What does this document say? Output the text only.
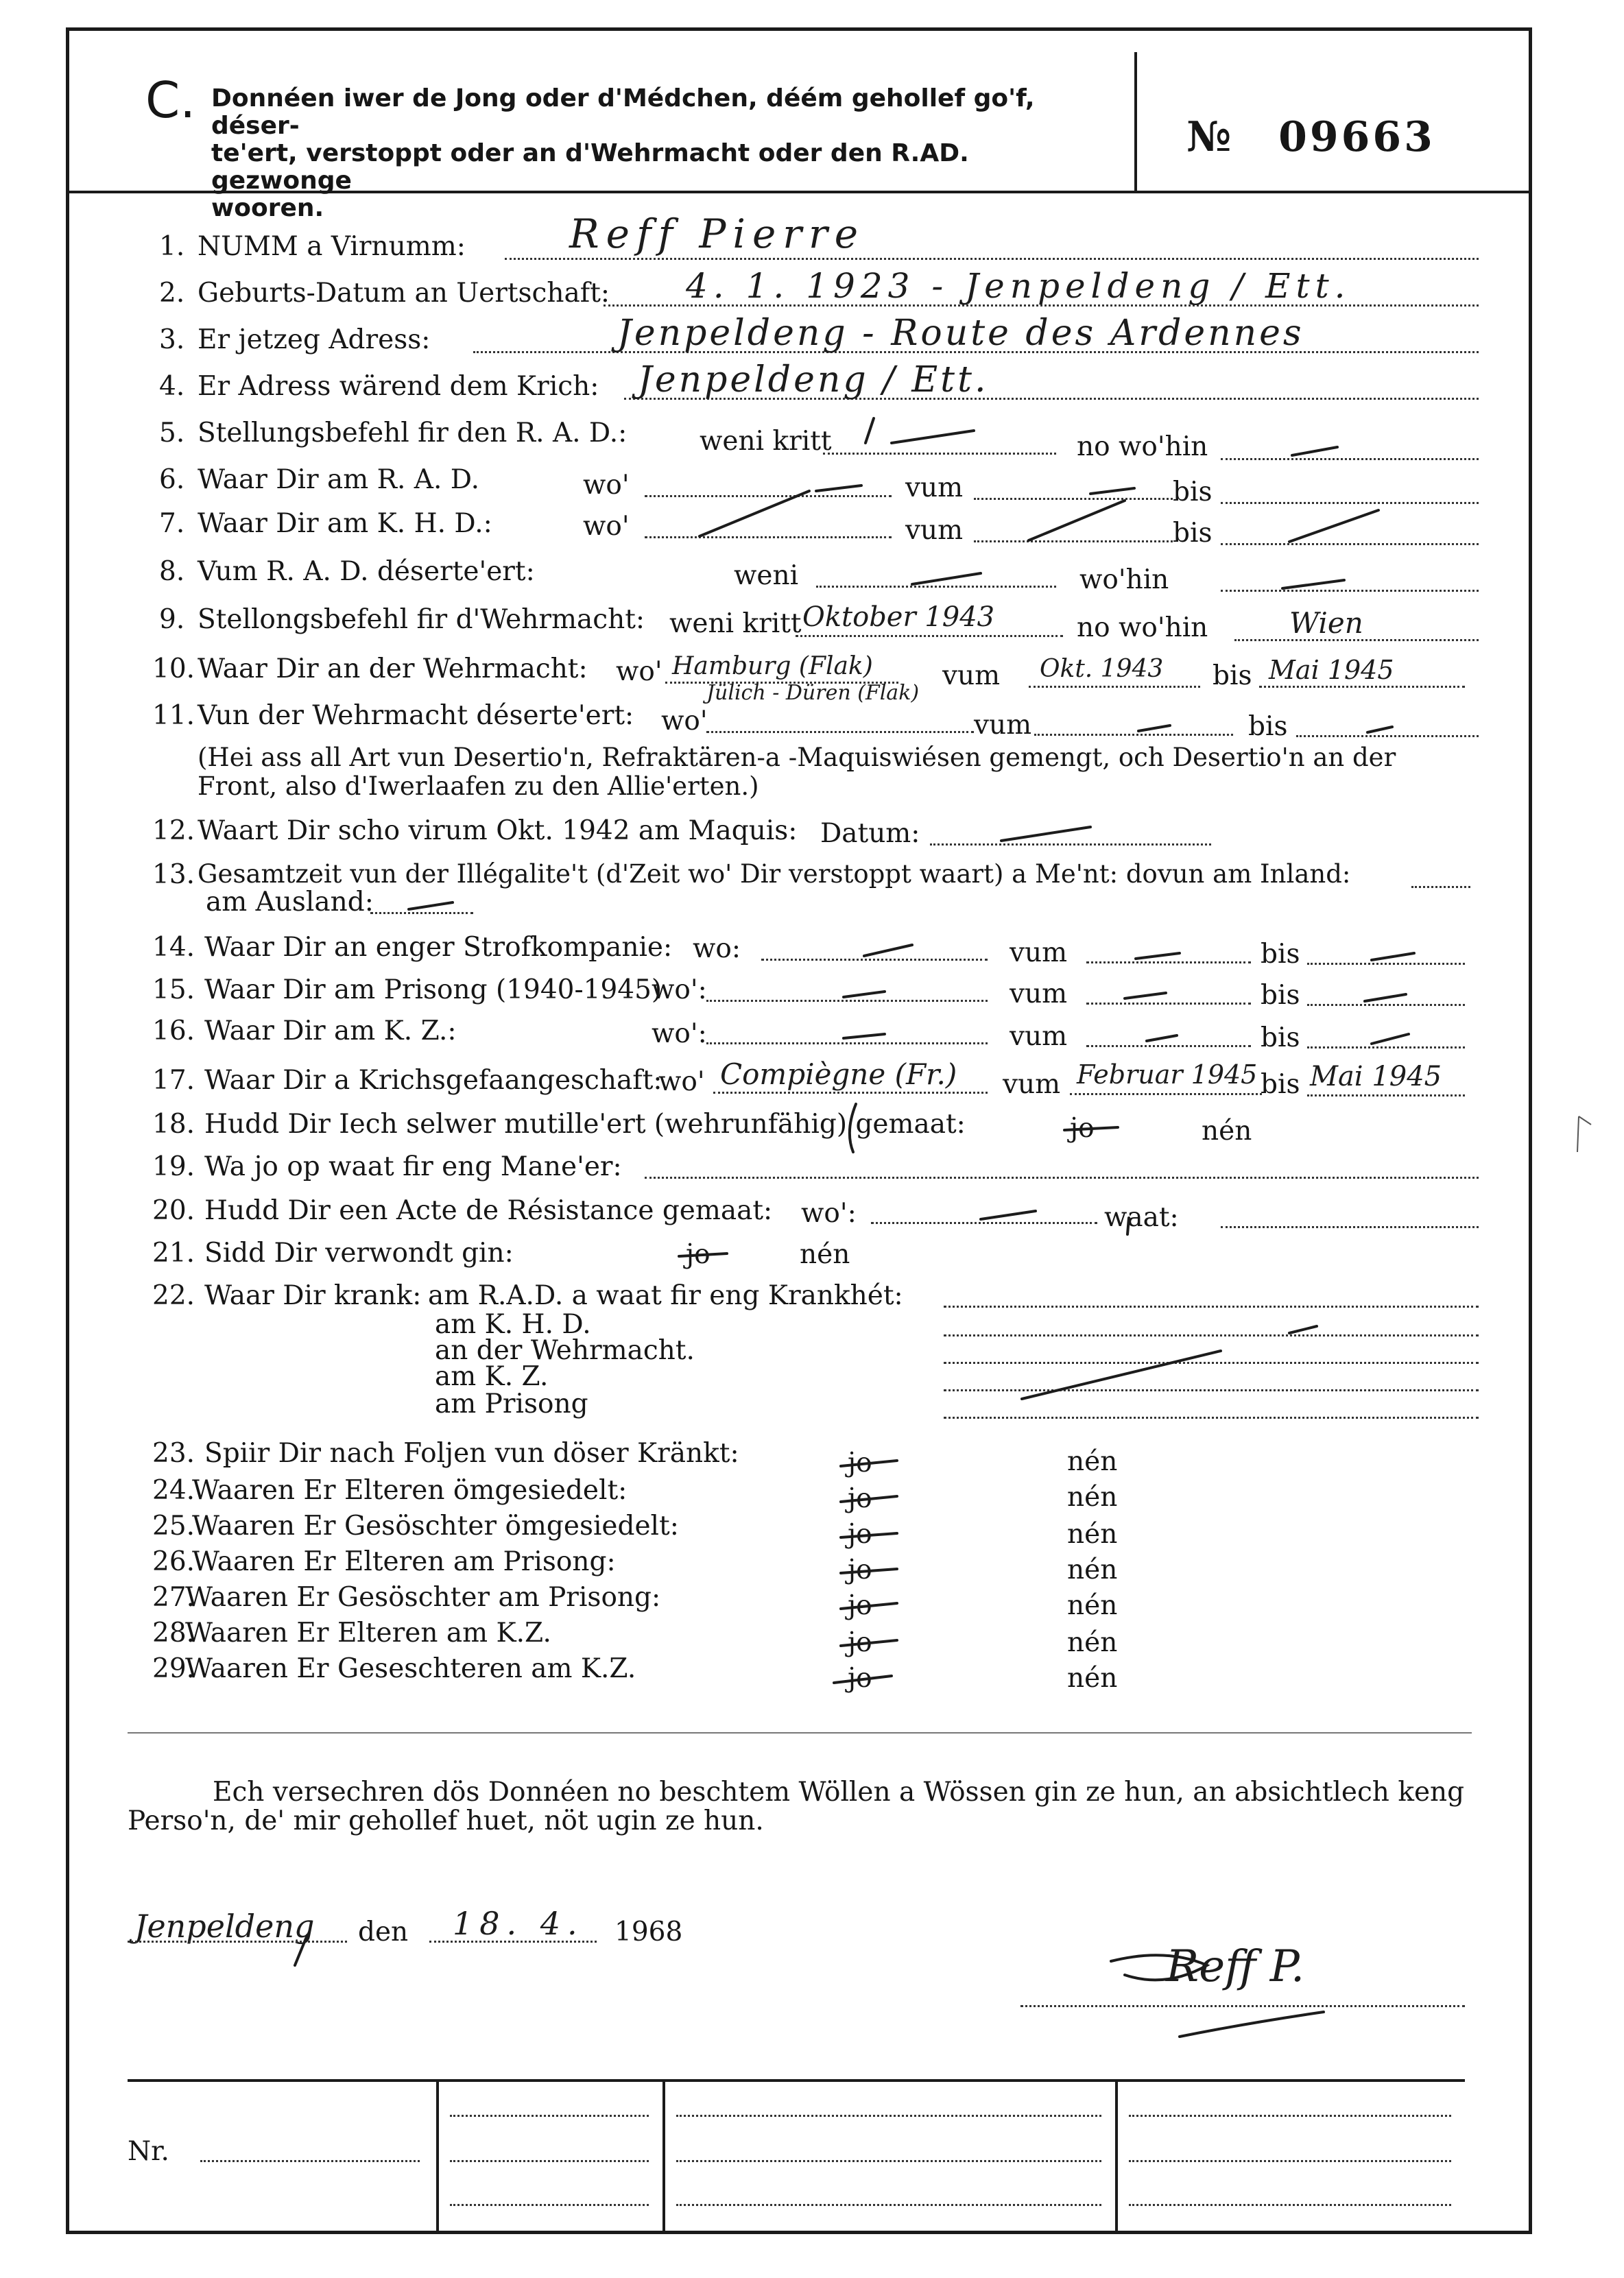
C. Donnéen iwer de Jong oder d'Médchen, déém gehollef go'f, déser-
te'ert, verstoppt oder an d'Wehrmacht oder den R.AD. gezwonge
wooren.
№ 09663
1. NUMM a Virnumm:	Reff Pierre
2. Geburts-Datum an Uertschaft: 4. 1. 1923 - Jenpeldeng / Ett.
3. Er jetzeg Adress:	Jenpeldeng - Route des Ardennes
4. Er Adress wärend dem Krich: Jenpeldeng / Ett.
5. Stellungsbefehl fir den R. A. D.:	weni kritt	no wo'hin
6. Waar Dir am R. A. D.	wo'	vum	bis
7. Waar Dir am K. H. D.:	wo'	vum	bis
8. Vum R. A. D. déserte'ert:	weni	wo'hin
9. Stellongsbefehl fir d'Wehrmacht: weni kritt Oktober 1943	no wo'hin	Wien
10. Waar Dir an der Wehrmacht: wo' Hamburg (Flak)	vum Okt. 1943 bis Mai 1945
11. Vun der Wehrmacht déserte'ert: wo'
Jülich - Düren (Flak)
vum	bis
(Hei ass all Art vun Desertio'n, Refraktären-a -Maquiswiésen gemengt, och Desertio'n an der
Front, also d'Iwerlaafen zu den Allie'erten.)
12. Waart Dir scho virum Okt. 1942 am Maquis: Datum:
13. Gesamtzeit vun der Illégalite't (d'Zeit wo' Dir verstoppt waart) a Me'nt: dovun am Inland:
am Ausland:
14. Waar Dir an enger Strofkompanie: wo:	vum	bis
15. Waar Dir am Prisong (1940-1945)
wo':	vum	bis
16. Waar Dir am K. Z.:	wo':	vum	bis
17. Waar Dir a Krichsgefaangeschaft:
wo' Compiègne (Fr.) vum Februar 1945 bis Mai 1945
18. Hudd Dir Iech selwer mutille'ert (wehrunfähig) gemaat:	jo	nén
19. Wa jo op waat fir eng Mane'er:
20. Hudd Dir een Acte de Résistance gemaat: wo':	waat:
21. Sidd Dir verwondt gin:	jo	nén
22. Waar Dir krank: am R.A.D. a waat fir eng Krankhét:
am K. H. D.
an der Wehrmacht.
am K. Z.
am Prisong
23. Spiir Dir nach Foljen vun döser Kränkt:	jo	nén
24.
Waaren Er Elteren ömgesiedelt:	jo	nén
25.
Waaren Er Gesöschter ömgesiedelt:	jo	nén
26.
Waaren Er Elteren am Prisong:	jo	nén
27.
Waaren Er Gesöschter am Prisong:	jo	nén
28.
Waaren Er Elteren am K.Z.	jo	nén
29.
Waaren Er Geseschteren am K.Z.	jo	nén
Ech versechren dös Donnéen no beschtem Wöllen a Wössen gin ze hun, an absichtlech keng
Perso'n, de' mir gehollef huet, nöt ugin ze hun.
Jenpeldeng den 18. 4. 1968
Reff P.
Nr.
